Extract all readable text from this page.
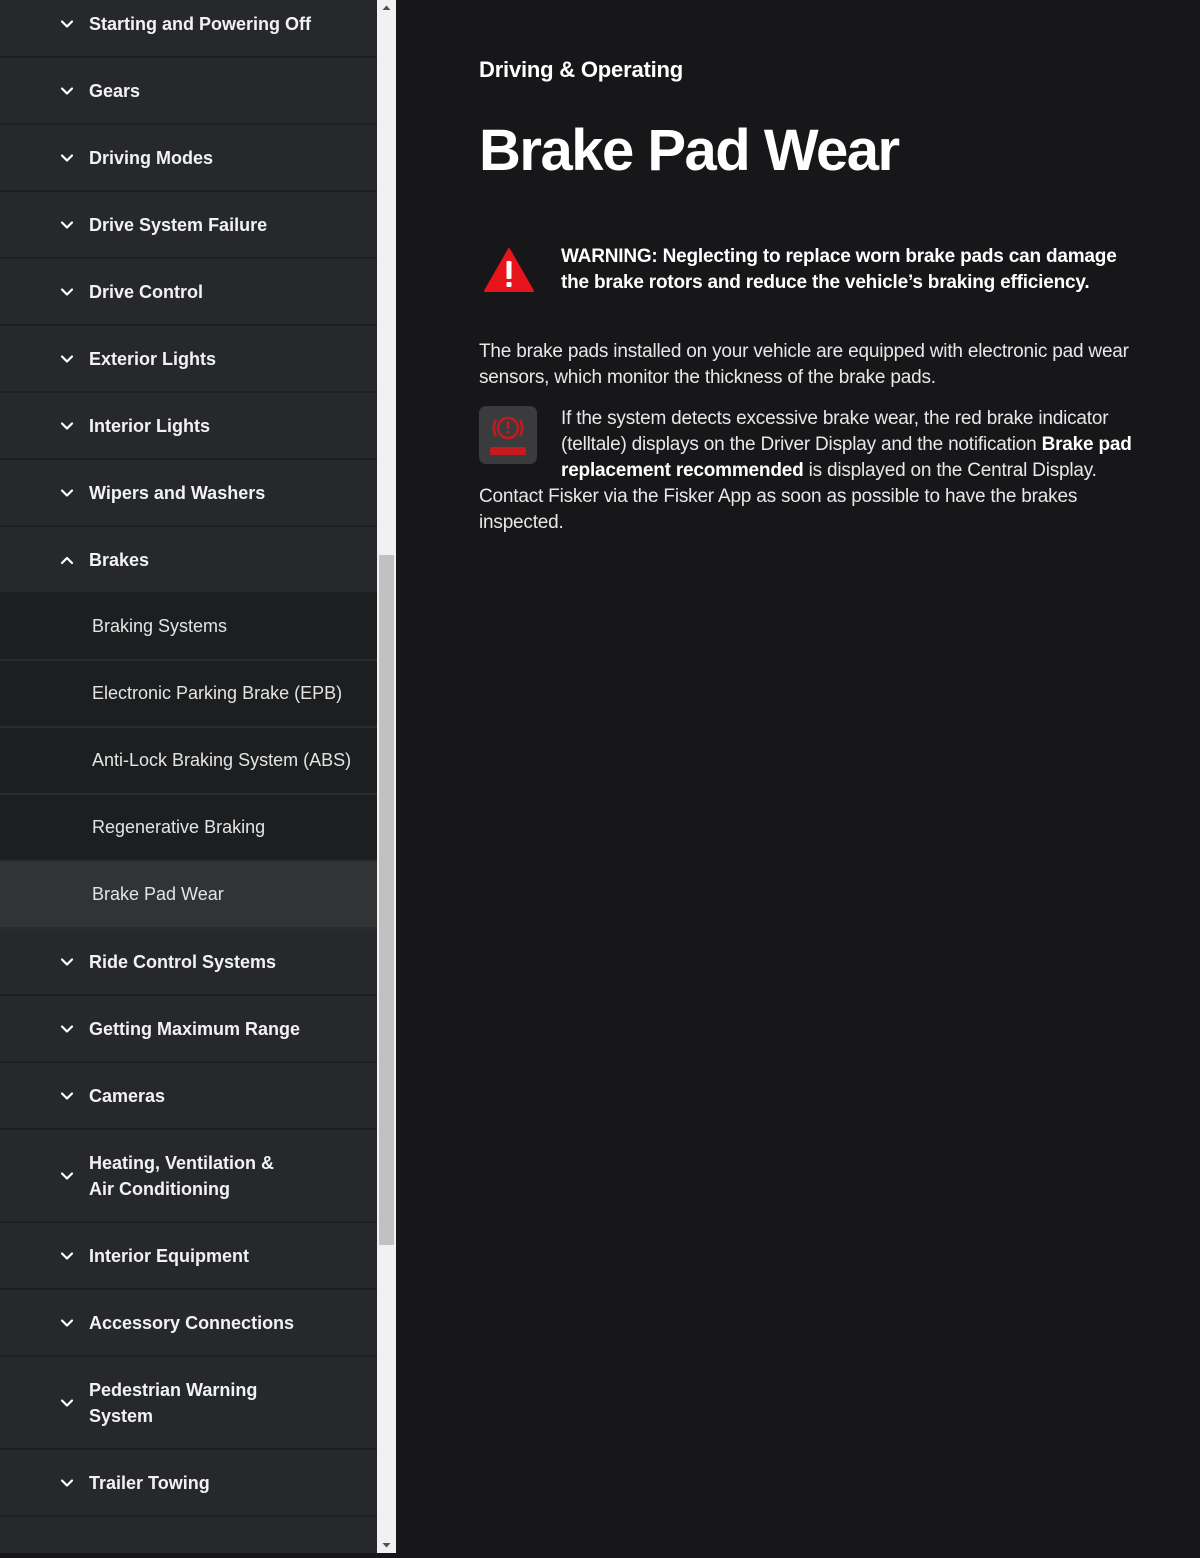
Starting and Powering Off
Gears
Driving Modes
Drive System Failure
Drive Control
Exterior Lights
Interior Lights
Wipers and Washers
Brakes
Braking Systems
Electronic Parking Brake (EPB)
Anti-Lock Braking System (ABS)
Regenerative Braking
Brake Pad Wear
Ride Control Systems
Getting Maximum Range
Cameras
Heating, Ventilation & Air Conditioning
Interior Equipment
Accessory Connections
Pedestrian Warning System
Trailer Towing
Driving & Operating
Brake Pad Wear
WARNING: Neglecting to replace worn brake pads can damage the brake rotors and reduce the vehicle’s braking efficiency.

The brake pads installed on your vehicle are equipped with electronic pad wear sensors, which monitor the thickness of the brake pads.

If the system detects excessive brake wear, the red brake indicator (telltale) displays on the Driver Display and the notification Brake pad replacement recommended is displayed on the Central Display. Contact Fisker via the Fisker App as soon as possible to have the brakes inspected.
